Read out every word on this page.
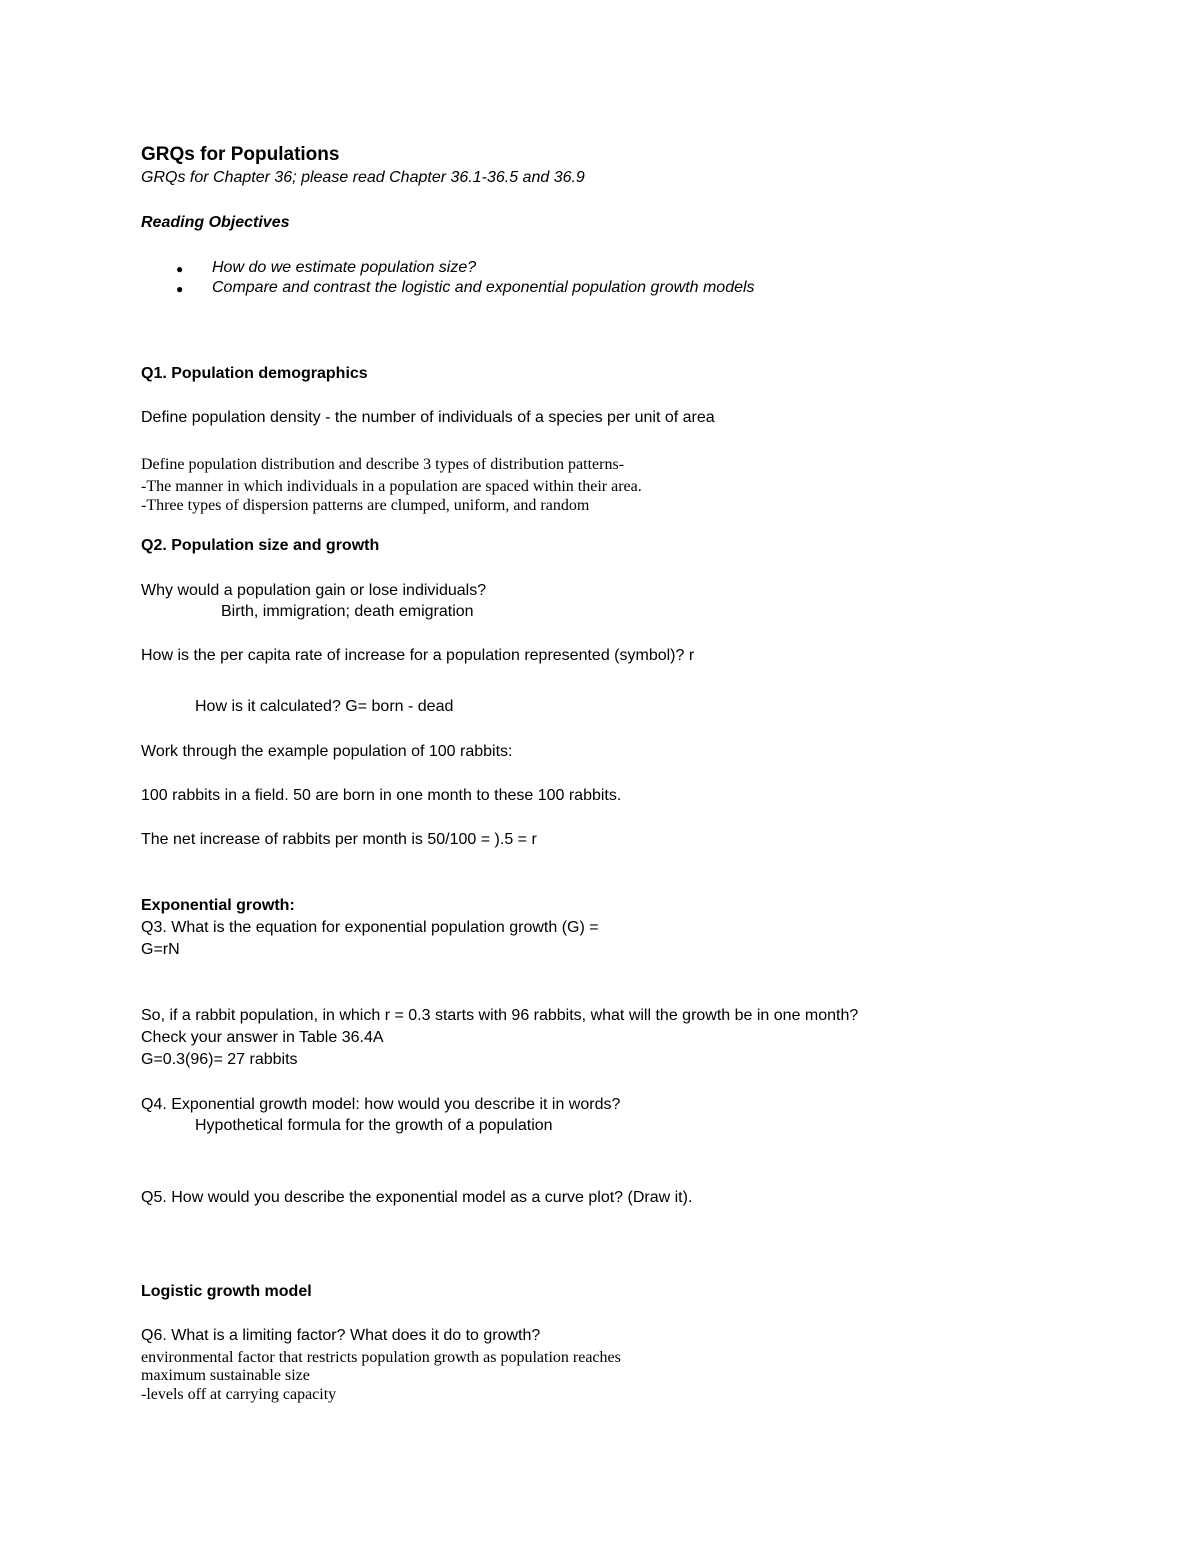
GRQs for Populations
GRQs for Chapter 36; please read Chapter 36.1-36.5 and 36.9
Reading Objectives
● How do we estimate population size?
● Compare and contrast the logistic and exponential population growth models
Q1. Population demographics
Define population density - the number of individuals of a species per unit of area
Define population distribution and describe 3 types of distribution patterns-
-The manner in which individuals in a population are spaced within their area.
-Three types of dispersion patterns are clumped, uniform, and random
Q2. Population size and growth
Why would a population gain or lose individuals?
Birth, immigration; death emigration
How is the per capita rate of increase for a population represented (symbol)? r
How is it calculated? G= born - dead
Work through the example population of 100 rabbits:
100 rabbits in a field. 50 are born in one month to these 100 rabbits.
The net increase of rabbits per month is 50/100 = ).5 = r
Exponential growth:
Q3. What is the equation for exponential population growth (G) =
G=rN
So, if a rabbit population, in which r = 0.3 starts with 96 rabbits, what will the growth be in one month?
Check your answer in Table 36.4A
G=0.3(96)= 27 rabbits
Q4. Exponential growth model: how would you describe it in words?
Hypothetical formula for the growth of a population
Q5. How would you describe the exponential model as a curve plot? (Draw it).
Logistic growth model
Q6. What is a limiting factor? What does it do to growth?
environmental factor that restricts population growth as population reaches
maximum sustainable size
-levels off at carrying capacity
